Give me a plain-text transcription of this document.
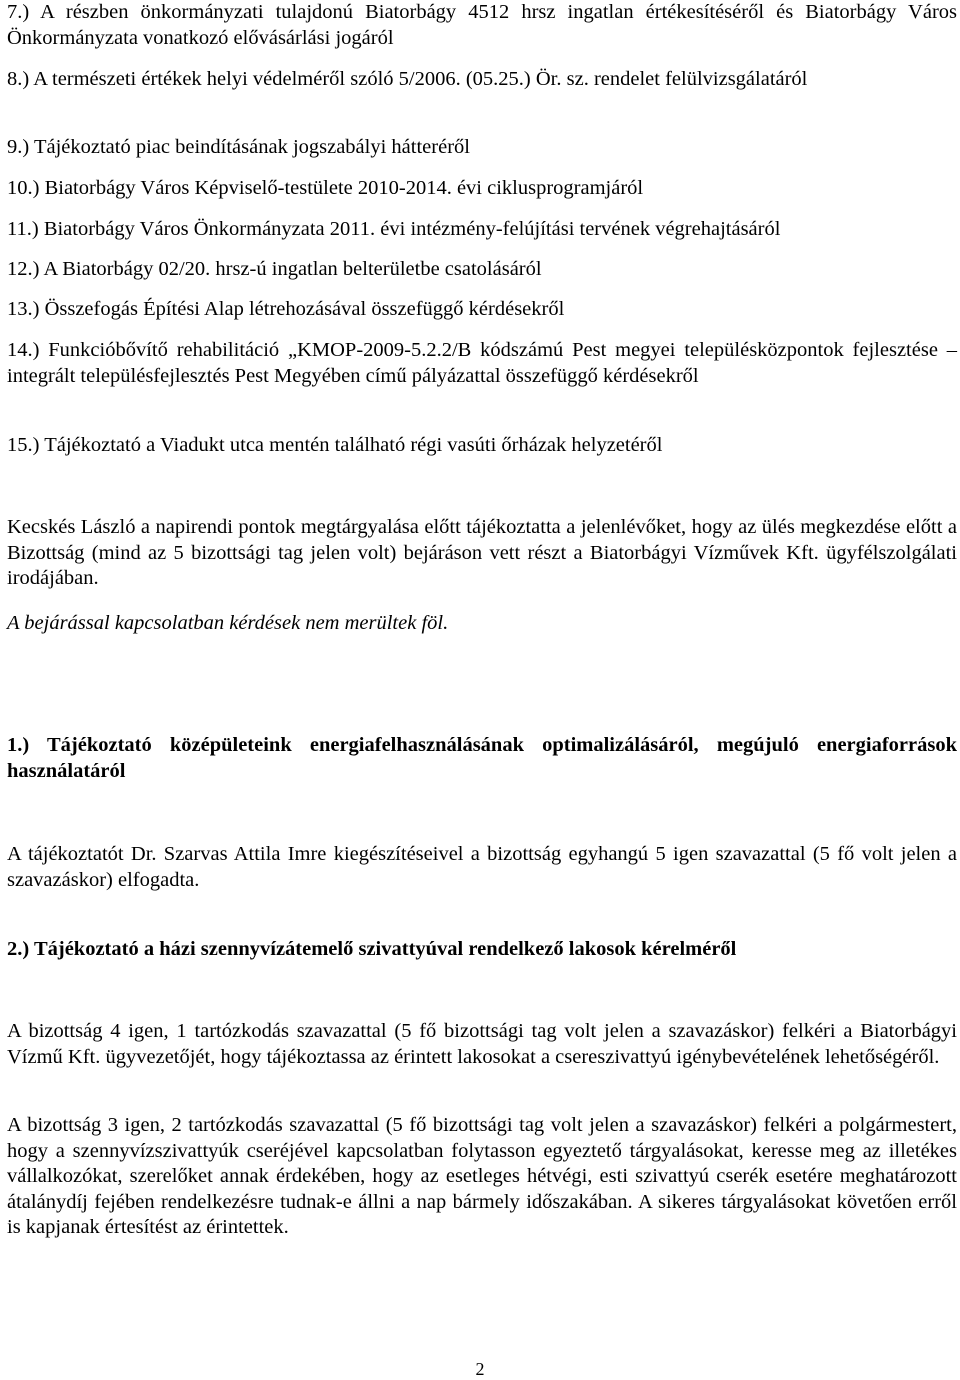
7.) A részben önkormányzati tulajdonú Biatorbágy 4512 hrsz ingatlan értékesítéséről és Biatorbágy Város Önkormányzata vonatkozó elővásárlási jogáról

8.) A természeti értékek helyi védelméről szóló 5/2006. (05.25.) Ör. sz. rendelet felülvizsgálatáról

9.) Tájékoztató piac beindításának jogszabályi hátteréről

10.) Biatorbágy Város Képviselő-testülete 2010-2014. évi ciklusprogramjáról

11.) Biatorbágy Város Önkormányzata 2011. évi intézmény-felújítási tervének végrehajtásáról

12.) A Biatorbágy 02/20. hrsz-ú ingatlan belterületbe csatolásáról

13.) Összefogás Építési Alap létrehozásával összefüggő kérdésekről

14.) Funkcióbővítő rehabilitáció „KMOP-2009-5.2.2/B kódszámú Pest megyei településközpontok fejlesztése – integrált településfejlesztés Pest Megyében című pályázattal összefüggő kérdésekről

15.) Tájékoztató a Viadukt utca mentén található régi vasúti őrházak helyzetéről

Kecskés László a napirendi pontok megtárgyalása előtt tájékoztatta a jelenlévőket, hogy az ülés megkezdése előtt a Bizottság (mind az 5 bizottsági tag jelen volt) bejáráson vett részt a Biatorbágyi Vízművek Kft. ügyfélszolgálati irodájában.

A bejárással kapcsolatban kérdések nem merültek föl.

1.) Tájékoztató középületeink energiafelhasználásának optimalizálásáról, megújuló energiaforrások használatáról

A tájékoztatót Dr. Szarvas Attila Imre kiegészítéseivel a bizottság egyhangú 5 igen szavazattal (5 fő volt jelen a szavazáskor) elfogadta.

2.) Tájékoztató a házi szennyvízátemelő szivattyúval rendelkező lakosok kérelméről

A bizottság 4 igen, 1 tartózkodás szavazattal (5 fő bizottsági tag volt jelen a szavazáskor) felkéri a Biatorbágyi Vízmű Kft. ügyvezetőjét, hogy tájékoztassa az érintett lakosokat a csereszivattyú igénybevételének lehetőségéről.

A bizottság 3 igen, 2 tartózkodás szavazattal (5 fő bizottsági tag volt jelen a szavazáskor) felkéri a polgármestert, hogy a szennyvízszivattyúk cseréjével kapcsolatban folytasson egyeztető tárgyalásokat, keresse meg az illetékes vállalkozókat, szerelőket annak érdekében, hogy az esetleges hétvégi, esti szivattyú cserék esetére meghatározott átalánydíj fejében rendelkezésre tudnak-e állni a nap bármely időszakában. A sikeres tárgyalásokat követően erről is kapjanak értesítést az érintettek.

2
